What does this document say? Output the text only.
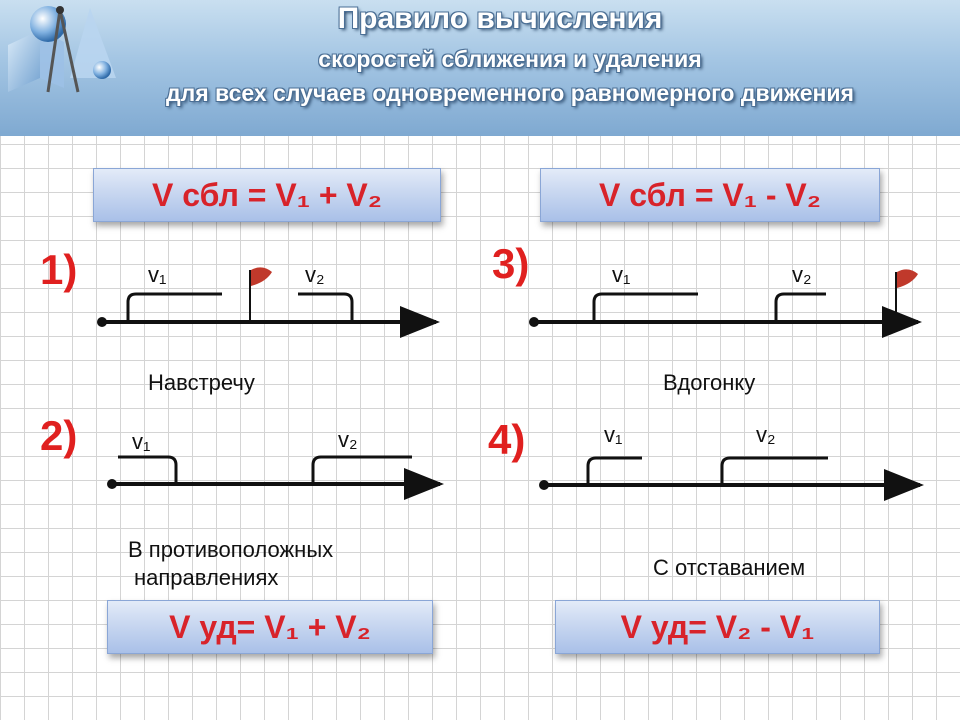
Правило вычисления
скоростей сближения и удаления
для всех случаев одновременного равномерного движения
V сбл = V₁ + V₂	V сбл = V₁ - V₂
V уд= V₁ + V₂	V уд= V₂ - V₁
1)
2)
3)
4)
v₁	v₂
v₁	v₂
v₁	v₂
v₁	v₂
Навстречу	Вдогонку
В противоположных
направлениях	С отставанием
